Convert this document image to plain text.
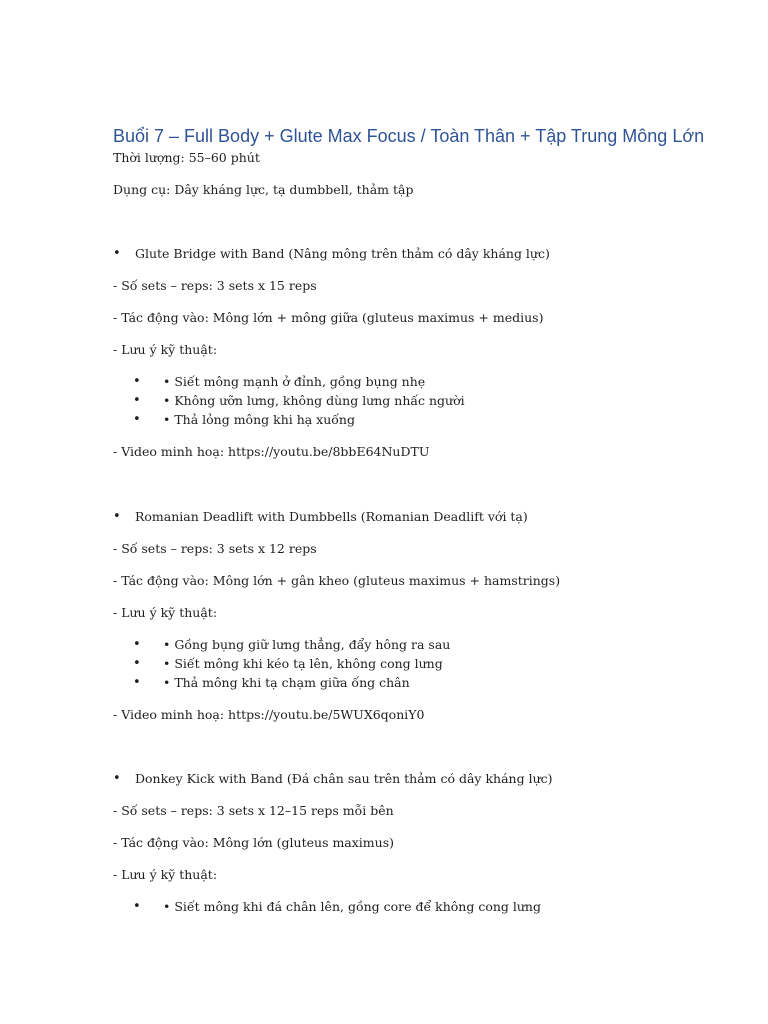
Buổi 7 – Full Body + Glute Max Focus / Toàn Thân + Tập Trung Mông Lớn
Thời lượng: 55–60 phút
Dụng cụ: Dây kháng lực, tạ dumbbell, thảm tập
• Glute Bridge with Band (Nâng mông trên thảm có dây kháng lực)
- Số sets – reps: 3 sets x 15 reps
- Tác động vào: Mông lớn + mông giữa (gluteus maximus + medius)
- Lưu ý kỹ thuật:
• • Siết mông mạnh ở đỉnh, gồng bụng nhẹ
• • Không ưỡn lưng, không dùng lưng nhấc người
• • Thả lỏng mông khi hạ xuống
- Video minh hoạ: https://youtu.be/8bbE64NuDTU
• Romanian Deadlift with Dumbbells (Romanian Deadlift với tạ)
- Số sets – reps: 3 sets x 12 reps
- Tác động vào: Mông lớn + gân kheo (gluteus maximus + hamstrings)
- Lưu ý kỹ thuật:
• • Gồng bụng giữ lưng thẳng, đẩy hông ra sau
• • Siết mông khi kéo tạ lên, không cong lưng
• • Thả mông khi tạ chạm giữa ống chân
- Video minh hoạ: https://youtu.be/5WUX6qoniY0
• Donkey Kick with Band (Đá chân sau trên thảm có dây kháng lực)
- Số sets – reps: 3 sets x 12–15 reps mỗi bên
- Tác động vào: Mông lớn (gluteus maximus)
- Lưu ý kỹ thuật:
• • Siết mông khi đá chân lên, gồng core để không cong lưng
